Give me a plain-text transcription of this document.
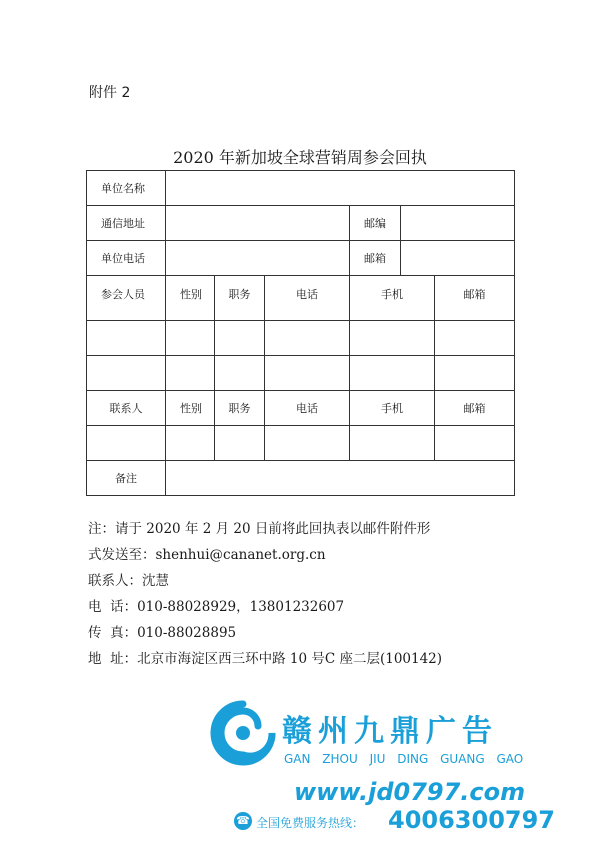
附件 2
2020 年新加坡全球营销周参会回执
单位名称						
通信地址				邮编		
单位电话				邮箱		
参会人员	性别	职务	电话	手机		邮箱

联系人	性别	职务	电话	手机		邮箱

备注						
注：请于 2020 年 2 月 20 日前将此回执表以邮件附件形
式发送至：shenhui@cananet.org.cn
联系人：沈慧
电  话：010-88028929，13801232607
传  真：010-88028895
地  址：北京市海淀区西三环中路 10 号C 座二层(100142)
赣州九鼎广告
GAN ZHOU JIU DING GUANG GAO
www.jd0797.com
☎ 全国免费服务热线： 4006300797
